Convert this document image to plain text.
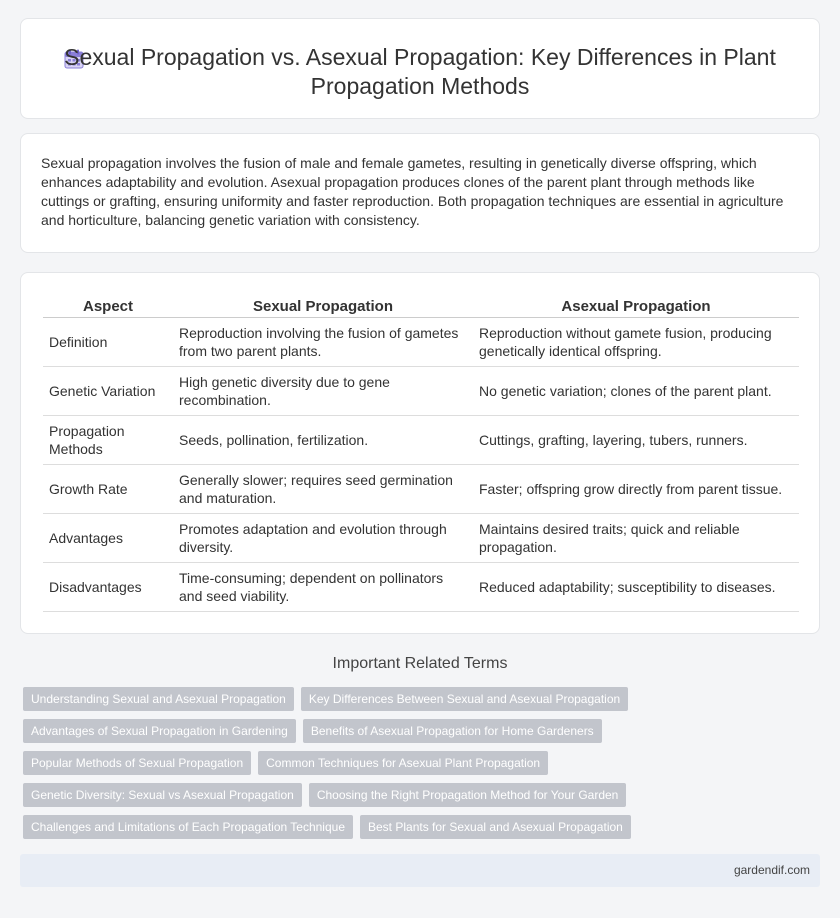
Sexual Propagation vs. Asexual Propagation: Key Differences in Plant Propagation Methods

Sexual propagation involves the fusion of male and female gametes, resulting in genetically diverse offspring, which enhances adaptability and evolution. Asexual propagation produces clones of the parent plant through methods like cuttings or grafting, ensuring uniformity and faster reproduction. Both propagation techniques are essential in agriculture and horticulture, balancing genetic variation with consistency.

Aspect	Sexual Propagation	Asexual Propagation
Definition	Reproduction involving the fusion of gametes from two parent plants.	Reproduction without gamete fusion, producing genetically identical offspring.
Genetic Variation	High genetic diversity due to gene recombination.	No genetic variation; clones of the parent plant.
Propagation Methods	Seeds, pollination, fertilization.	Cuttings, grafting, layering, tubers, runners.
Growth Rate	Generally slower; requires seed germination and maturation.	Faster; offspring grow directly from parent tissue.
Advantages	Promotes adaptation and evolution through diversity.	Maintains desired traits; quick and reliable propagation.
Disadvantages	Time-consuming; dependent on pollinators and seed viability.	Reduced adaptability; susceptibility to diseases.
Important Related Terms
Understanding Sexual and Asexual Propagation	Key Differences Between Sexual and Asexual Propagation
Advantages of Sexual Propagation in Gardening	Benefits of Asexual Propagation for Home Gardeners
Popular Methods of Sexual Propagation	Common Techniques for Asexual Plant Propagation
Genetic Diversity: Sexual vs Asexual Propagation	Choosing the Right Propagation Method for Your Garden
Challenges and Limitations of Each Propagation Technique	Best Plants for Sexual and Asexual Propagation
gardendif.com
